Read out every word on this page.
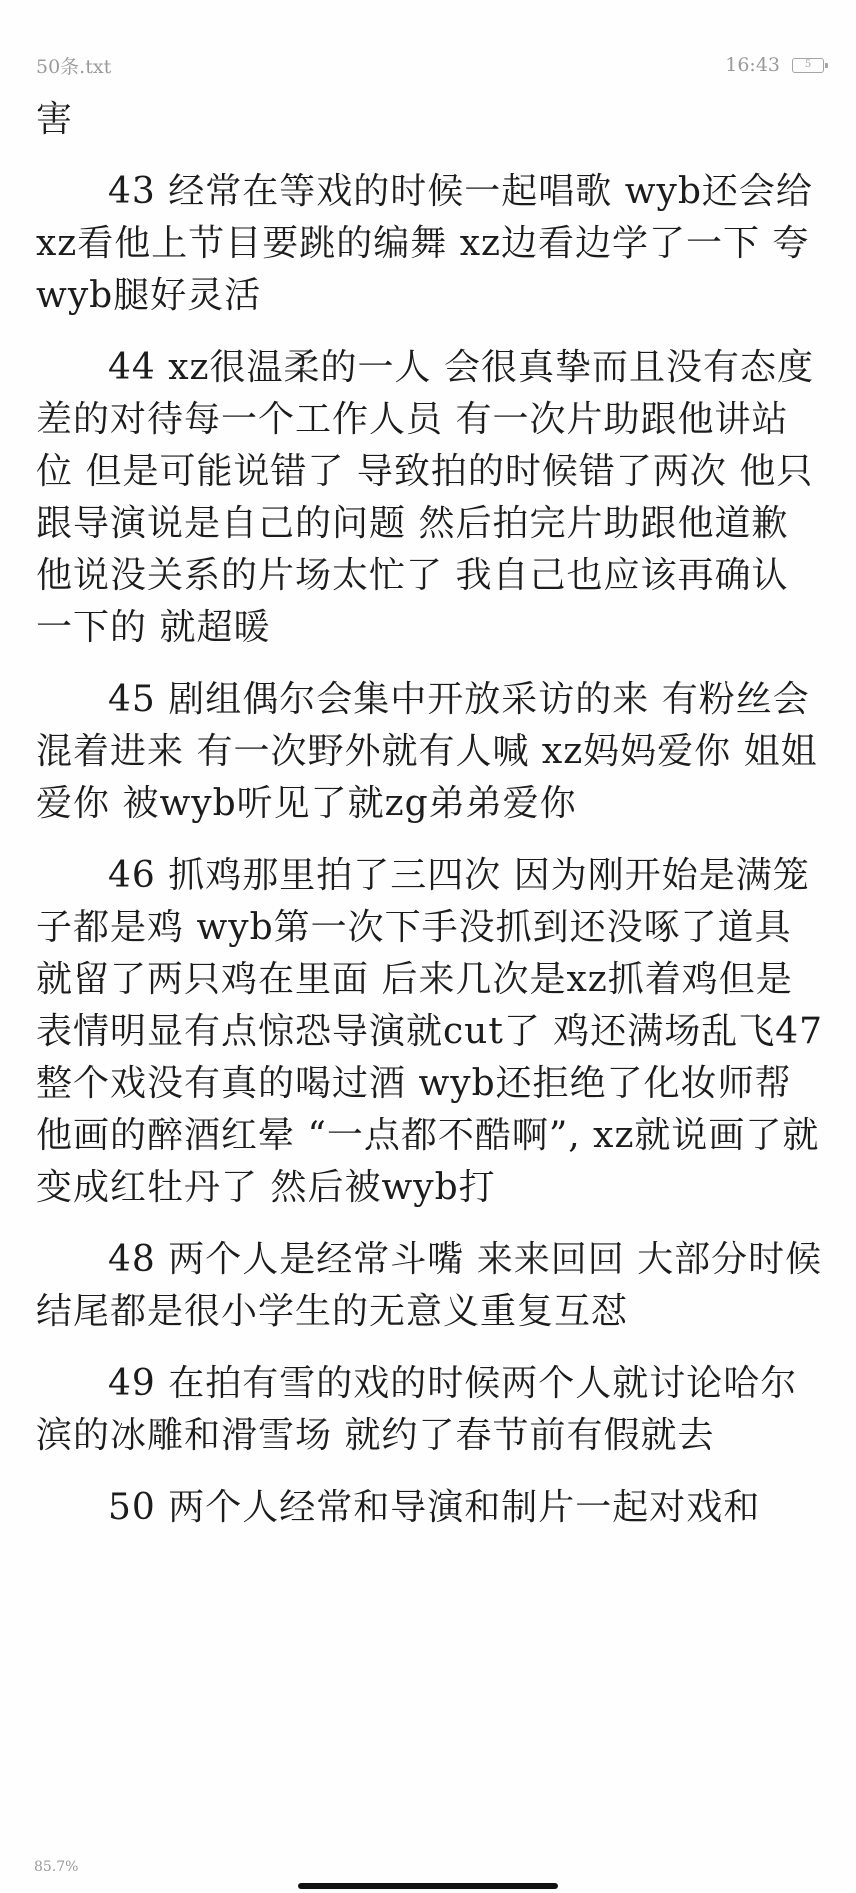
50条.txt	16:43 5

害

43 经常在等戏的时候一起唱歌 wyb还会给xz看他上节目要跳的编舞 xz边看边学了一下 夸wyb腿好灵活

44 xz很温柔的一人 会很真挚而且没有态度差的对待每一个工作人员 有一次片助跟他讲站位 但是可能说错了 导致拍的时候错了两次 他只跟导演说是自己的问题 然后拍完片助跟他道歉 他说没关系的片场太忙了 我自己也应该再确认一下的 就超暖

45 剧组偶尔会集中开放采访的来 有粉丝会混着进来 有一次野外就有人喊 xz妈妈爱你 姐姐爱你 被wyb听见了就zg弟弟爱你

46 抓鸡那里拍了三四次 因为刚开始是满笼子都是鸡 wyb第一次下手没抓到还没啄了道具就留了两只鸡在里面 后来几次是xz抓着鸡但是表情明显有点惊恐导演就cut了 鸡还满场乱飞47 整个戏没有真的喝过酒 wyb还拒绝了化妆师帮他画的醉酒红晕 “一点都不酷啊”, xz就说画了就变成红牡丹了 然后被wyb打

48 两个人是经常斗嘴 来来回回 大部分时候结尾都是很小学生的无意义重复互怼

49 在拍有雪的戏的时候两个人就讨论哈尔滨的冰雕和滑雪场 就约了春节前有假就去

50 两个人经常和导演和制片一起对戏和

85.7%
